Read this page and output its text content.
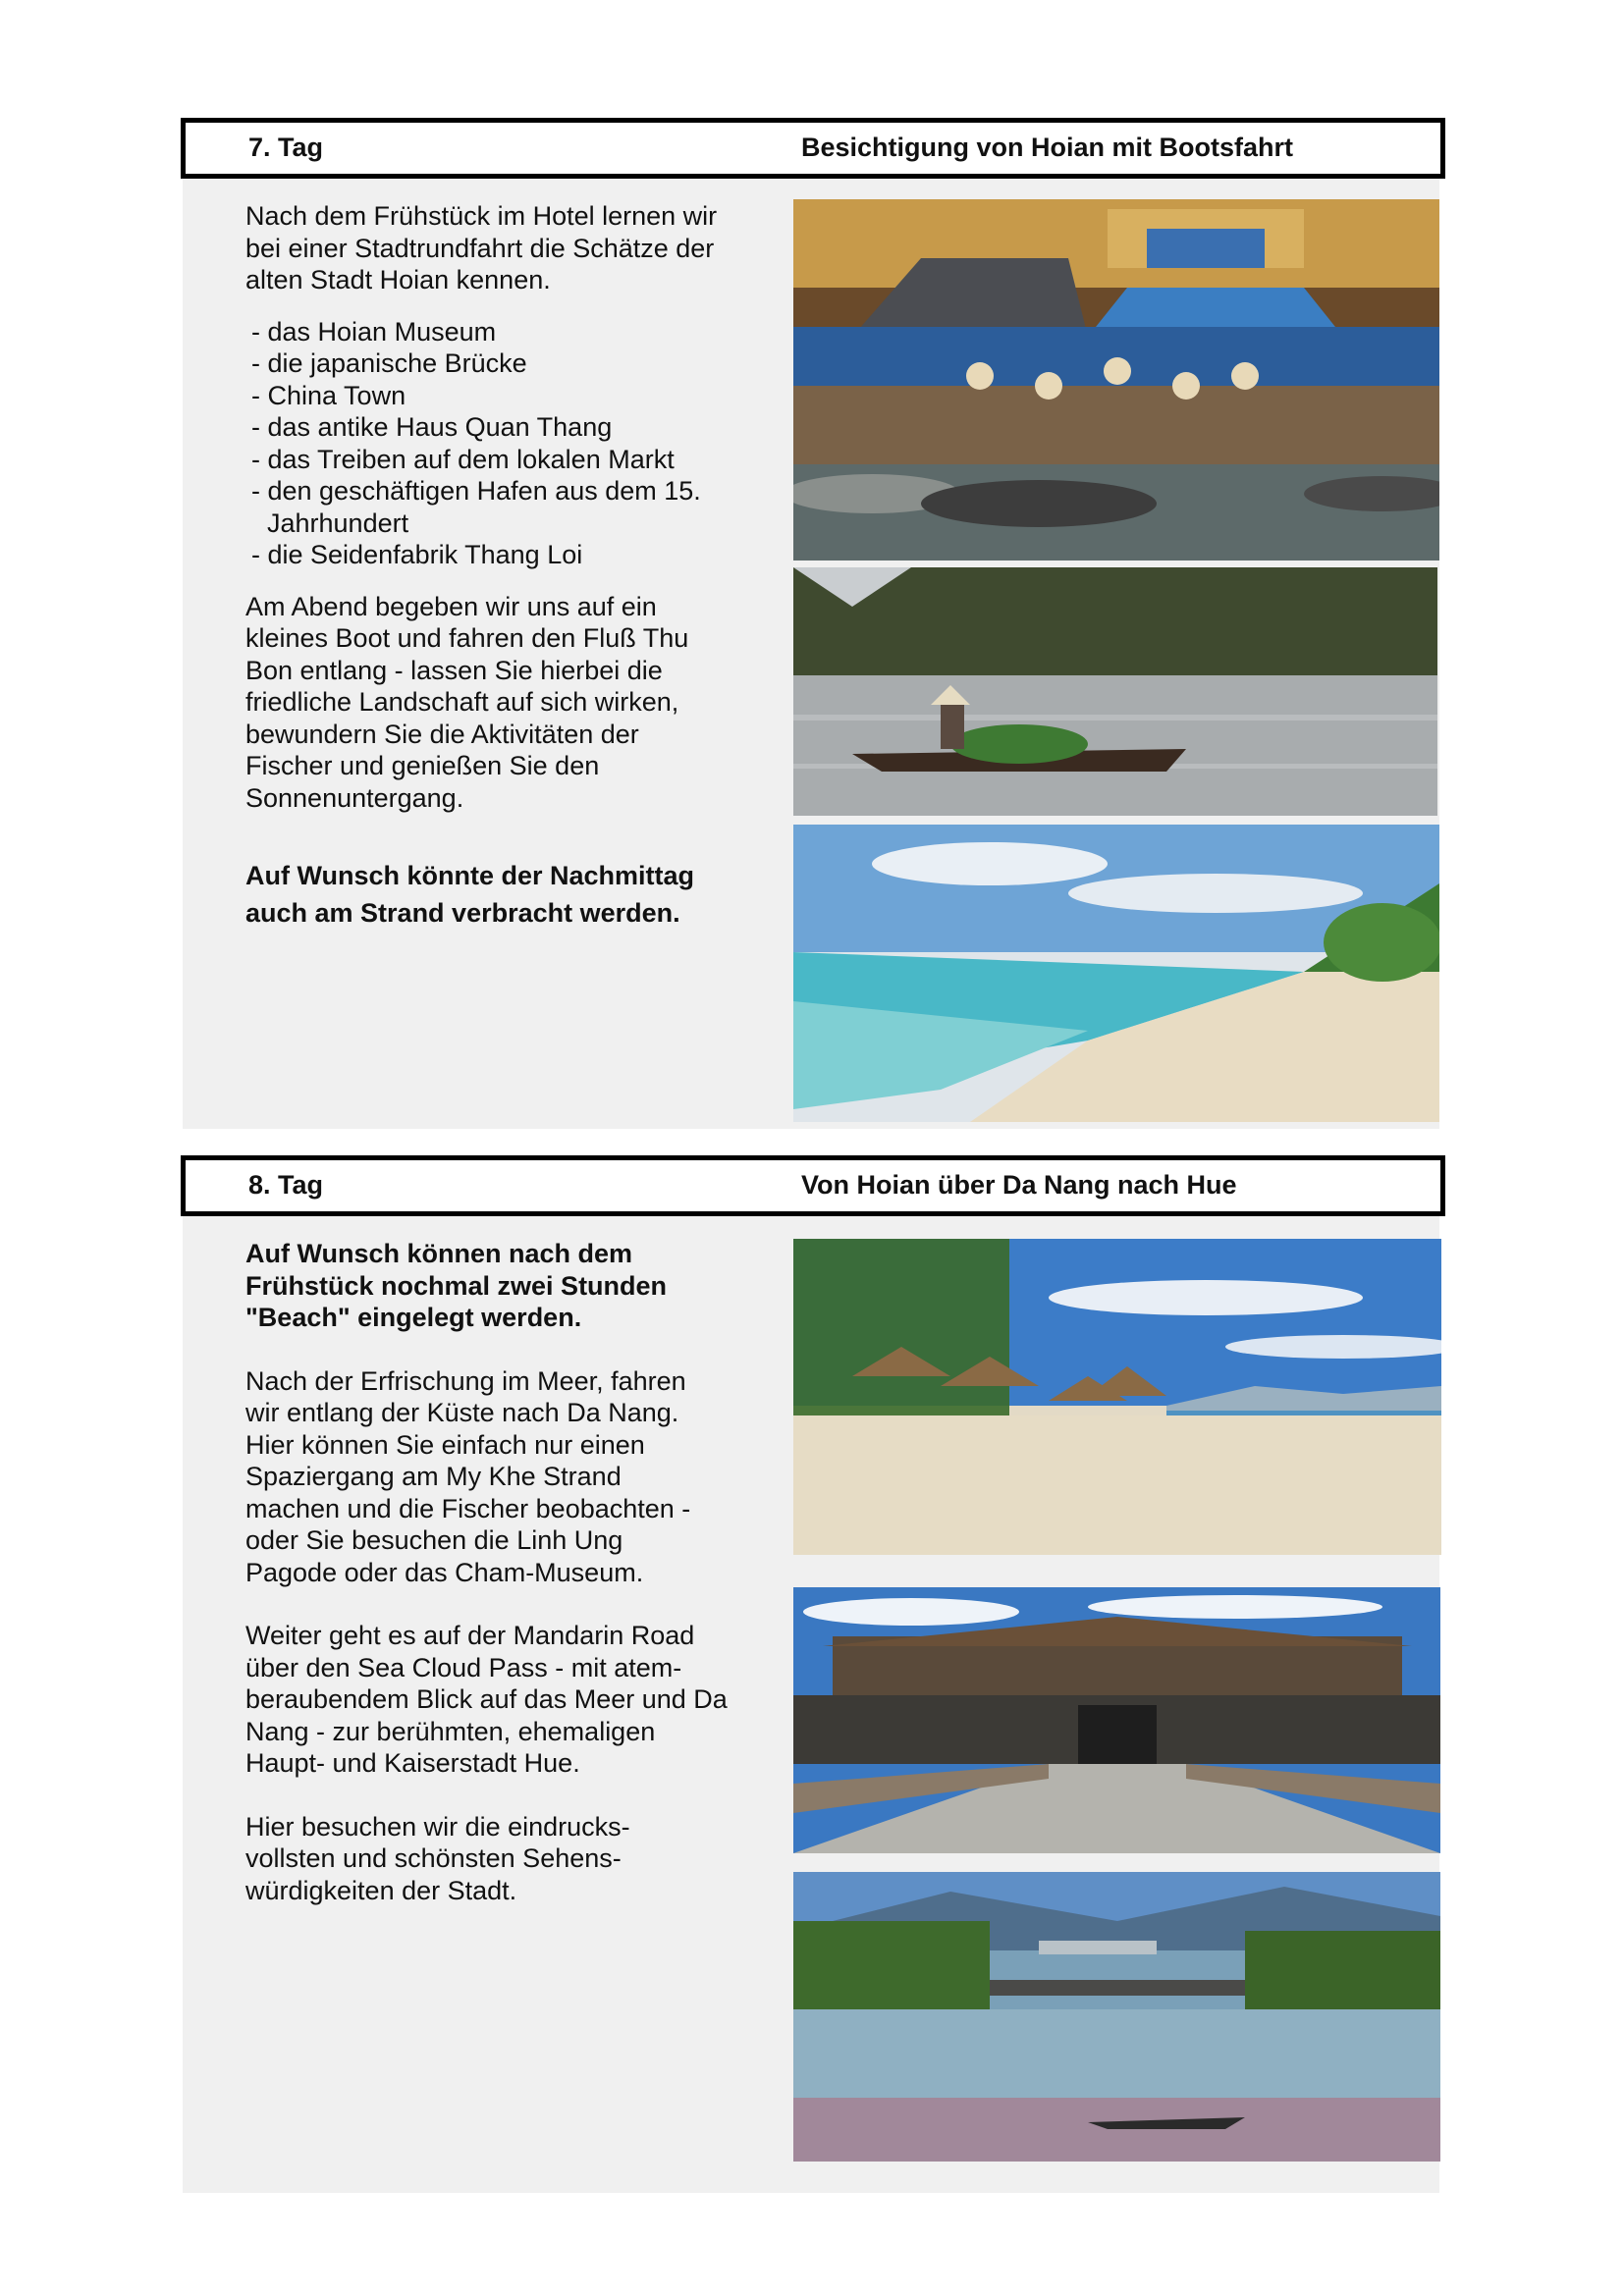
7. Tag	Besichtigung von Hoian mit Bootsfahrt

Nach dem Frühstück im Hotel lernen wir bei einer Stadtrundfahrt die Schätze der alten Stadt Hoian kennen.

- das Hoian Museum
- die japanische Brücke
- China Town
- das antike Haus Quan Thang
- das Treiben auf dem lokalen Markt
- den geschäftigen Hafen aus dem 15. Jahrhundert
- die Seidenfabrik Thang Loi

Am Abend begeben wir uns auf ein kleines Boot und fahren den Fluß Thu Bon entlang - lassen Sie hierbei die friedliche Landschaft auf sich wirken, bewundern Sie die Aktivitäten der Fischer und genießen Sie den Sonnenuntergang.

Auf Wunsch könnte der Nachmittag auch am Strand verbracht werden.

8. Tag	Von Hoian über Da Nang nach Hue

Auf Wunsch können nach dem Frühstück nochmal zwei Stunden "Beach" eingelegt werden.

Nach der Erfrischung im Meer, fahren wir entlang der Küste nach Da Nang. Hier können Sie einfach nur einen Spaziergang am My Khe Strand machen und die Fischer beobachten - oder Sie besuchen die Linh Ung Pagode oder das Cham-Museum.

Weiter geht es auf der Mandarin Road über den Sea Cloud Pass - mit atem-beraubendem Blick auf das Meer und Da Nang - zur berühmten, ehemaligen Haupt- und Kaiserstadt Hue.

Hier besuchen wir die eindrucks-vollsten und schönsten Sehens-würdigkeiten der Stadt.
